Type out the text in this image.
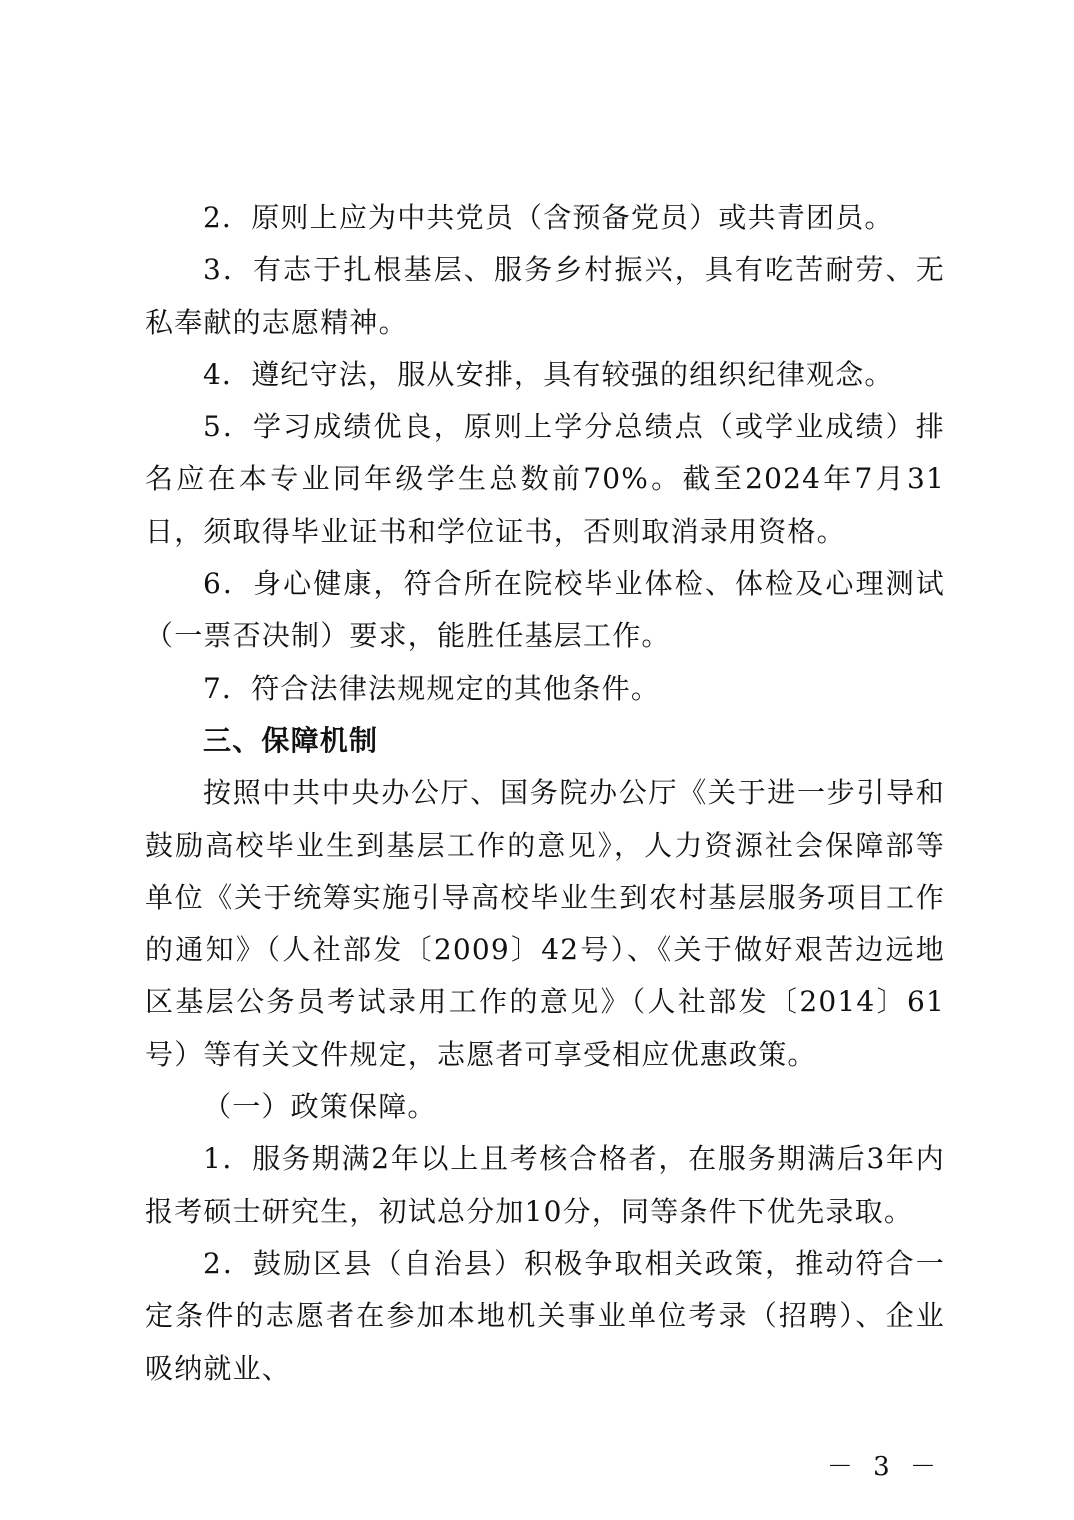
2．原则上应为中共党员（含预备党员）或共青团员。

3．有志于扎根基层、服务乡村振兴，具有吃苦耐劳、无私奉献的志愿精神。

4．遵纪守法，服从安排，具有较强的组织纪律观念。

5．学习成绩优良，原则上学分总绩点（或学业成绩）排名应在本专业同年级学生总数前70%。截至2024年7月31日，须取得毕业证书和学位证书，否则取消录用资格。

6．身心健康，符合所在院校毕业体检、体检及心理测试（一票否决制）要求，能胜任基层工作。

7．符合法律法规规定的其他条件。

三、保障机制

按照中共中央办公厅、国务院办公厅《关于进一步引导和鼓励高校毕业生到基层工作的意见》，人力资源社会保障部等单位《关于统筹实施引导高校毕业生到农村基层服务项目工作的通知》（人社部发〔2009〕42号）、《关于做好艰苦边远地区基层公务员考试录用工作的意见》（人社部发〔2014〕61号）等有关文件规定，志愿者可享受相应优惠政策。

（一）政策保障。

1．服务期满2年以上且考核合格者，在服务期满后3年内报考硕士研究生，初试总分加10分，同等条件下优先录取。

2．鼓励区县（自治县）积极争取相关政策，推动符合一定条件的志愿者在参加本地机关事业单位考录（招聘）、企业吸纳就业、

－ 3 －
